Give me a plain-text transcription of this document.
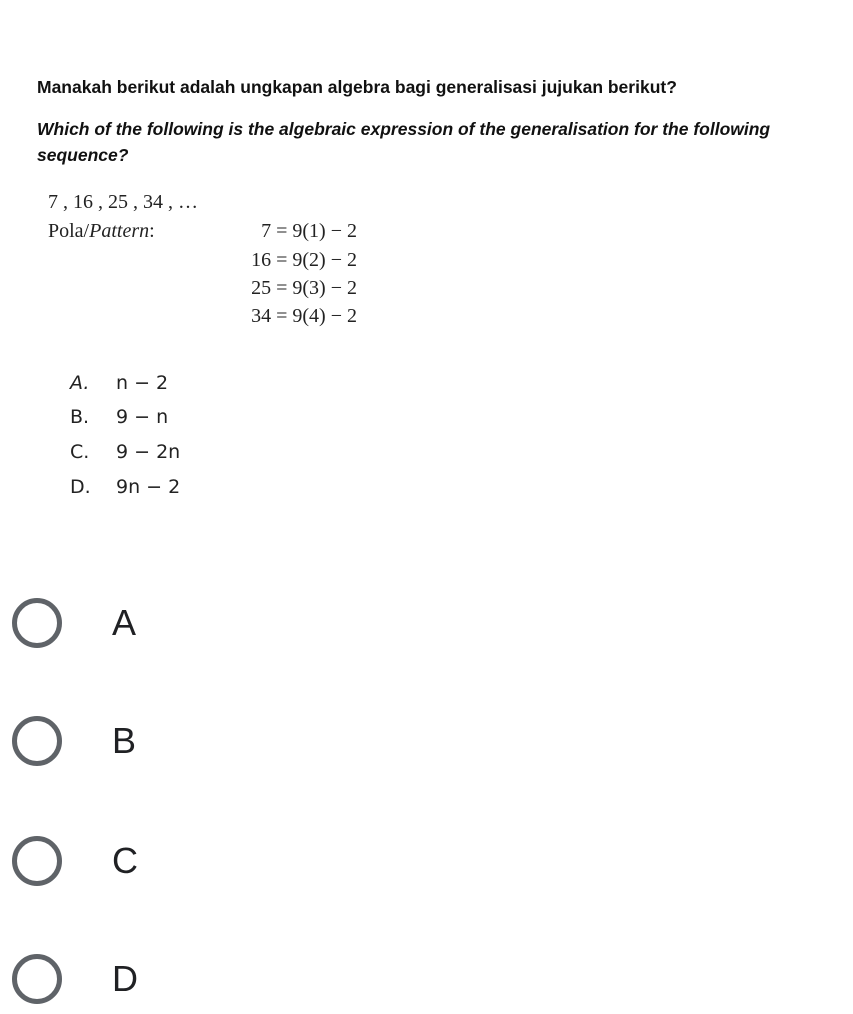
Manakah berikut adalah ungkapan algebra bagi generalisasi jujukan berikut?
Which of the following is the algebraic expression of the generalisation for the following sequence?
7 , 16 , 25 , 34 , …
Pola/Pattern:	7 = 9(1) − 2
16 = 9(2) − 2
25 = 9(3) − 2
34 = 9(4) − 2
A.	n − 2
B.	9 − n
C.	9 − 2n
D.	9n − 2
A
B
C
D
